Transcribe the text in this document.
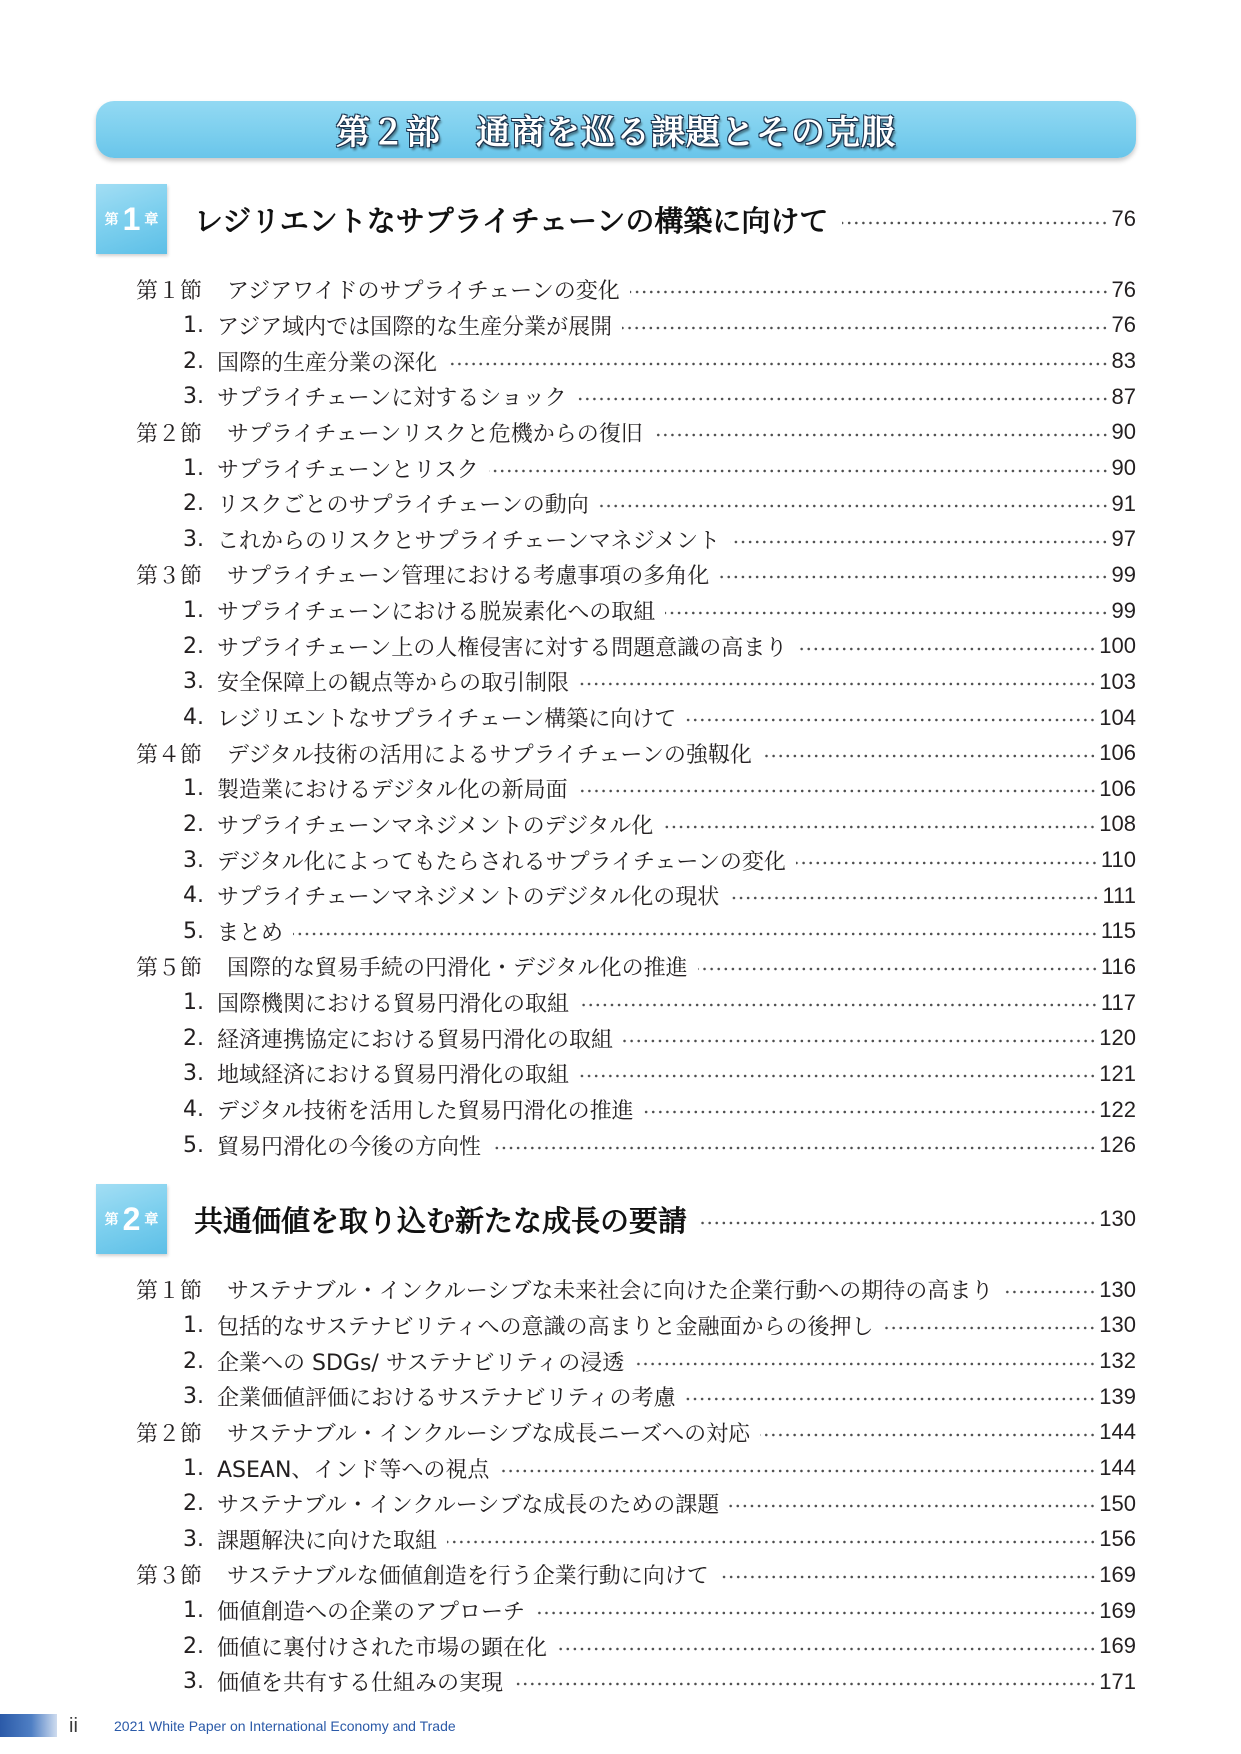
第２部　通商を巡る課題とその克服
第 1 章 レジリエントなサプライチェーンの構築に向けて	76
第１節	アジアワイドのサプライチェーンの変化	76
1. アジア域内では国際的な生産分業が展開	76
2. 国際的生産分業の深化	83
3. サプライチェーンに対するショック	87
第２節	サプライチェーンリスクと危機からの復旧	90
1. サプライチェーンとリスク	90
2. リスクごとのサプライチェーンの動向	91
3. これからのリスクとサプライチェーンマネジメント	97
第３節	サプライチェーン管理における考慮事項の多角化	99
1. サプライチェーンにおける脱炭素化への取組	99
2. サプライチェーン上の人権侵害に対する問題意識の高まり	100
3. 安全保障上の観点等からの取引制限	103
4. レジリエントなサプライチェーン構築に向けて	104
第４節	デジタル技術の活用によるサプライチェーンの強靱化	106
1. 製造業におけるデジタル化の新局面	106
2. サプライチェーンマネジメントのデジタル化	108
3. デジタル化によってもたらされるサプライチェーンの変化	110
4. サプライチェーンマネジメントのデジタル化の現状	111
5. まとめ	115
第５節	国際的な貿易手続の円滑化・デジタル化の推進	116
1. 国際機関における貿易円滑化の取組	117
2. 経済連携協定における貿易円滑化の取組	120
3. 地域経済における貿易円滑化の取組	121
4. デジタル技術を活用した貿易円滑化の推進	122
5. 貿易円滑化の今後の方向性	126
第 2 章 共通価値を取り込む新たな成長の要請	130
第１節	サステナブル・インクルーシブな未来社会に向けた企業行動への期待の高まり	130
1. 包括的なサステナビリティへの意識の高まりと金融面からの後押し	130
2. 企業への SDGs/ サステナビリティの浸透	132
3. 企業価値評価におけるサステナビリティの考慮	139
第２節	サステナブル・インクルーシブな成長ニーズへの対応	144
1. ASEAN、インド等への視点	144
2. サステナブル・インクルーシブな成長のための課題	150
3. 課題解決に向けた取組	156
第３節	サステナブルな価値創造を行う企業行動に向けて	169
1. 価値創造への企業のアプローチ	169
2. 価値に裏付けされた市場の顕在化	169
3. 価値を共有する仕組みの実現	171
ii	2021 White Paper on International Economy and Trade
